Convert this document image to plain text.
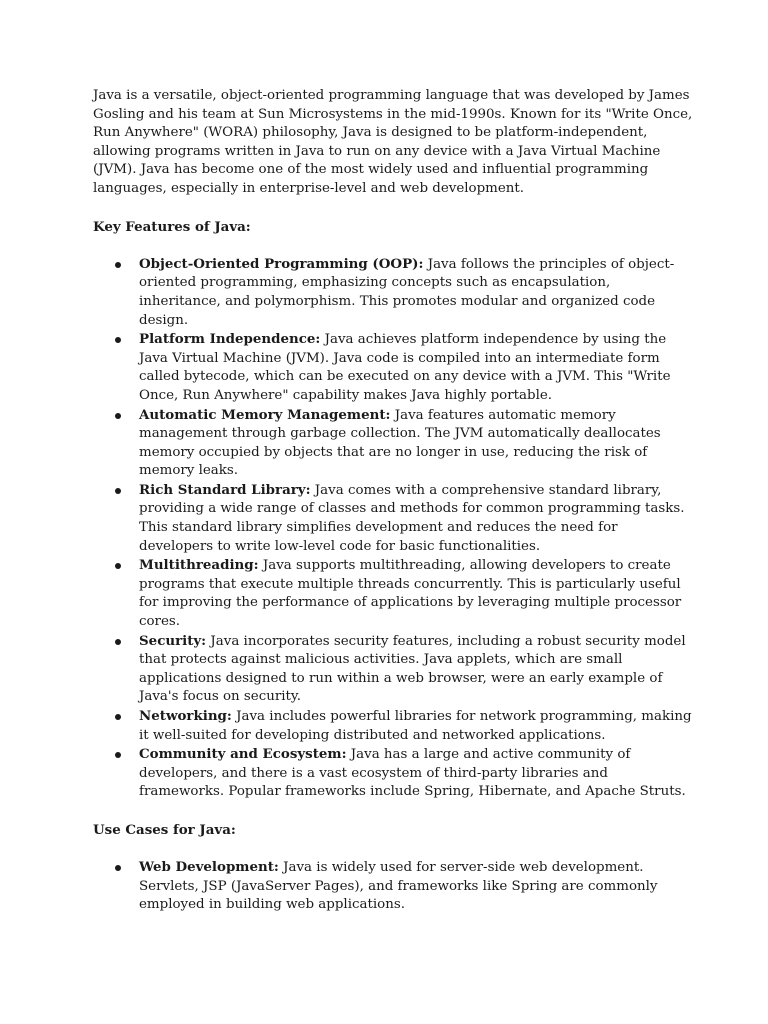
Java is a versatile, object-oriented programming language that was developed by James Gosling and his team at Sun Microsystems in the mid-1990s. Known for its "Write Once, Run Anywhere" (WORA) philosophy, Java is designed to be platform-independent, allowing programs written in Java to run on any device with a Java Virtual Machine (JVM). Java has become one of the most widely used and influential programming languages, especially in enterprise-level and web development.

Key Features of Java:

Object-Oriented Programming (OOP): Java follows the principles of object-oriented programming, emphasizing concepts such as encapsulation, inheritance, and polymorphism. This promotes modular and organized code design.
Platform Independence: Java achieves platform independence by using the Java Virtual Machine (JVM). Java code is compiled into an intermediate form called bytecode, which can be executed on any device with a JVM. This "Write Once, Run Anywhere" capability makes Java highly portable.
Automatic Memory Management: Java features automatic memory management through garbage collection. The JVM automatically deallocates memory occupied by objects that are no longer in use, reducing the risk of memory leaks.
Rich Standard Library: Java comes with a comprehensive standard library, providing a wide range of classes and methods for common programming tasks. This standard library simplifies development and reduces the need for developers to write low-level code for basic functionalities.
Multithreading: Java supports multithreading, allowing developers to create programs that execute multiple threads concurrently. This is particularly useful for improving the performance of applications by leveraging multiple processor cores.
Security: Java incorporates security features, including a robust security model that protects against malicious activities. Java applets, which are small applications designed to run within a web browser, were an early example of Java's focus on security.
Networking: Java includes powerful libraries for network programming, making it well-suited for developing distributed and networked applications.
Community and Ecosystem: Java has a large and active community of developers, and there is a vast ecosystem of third-party libraries and frameworks. Popular frameworks include Spring, Hibernate, and Apache Struts.

Use Cases for Java:

Web Development: Java is widely used for server-side web development. Servlets, JSP (JavaServer Pages), and frameworks like Spring are commonly employed in building web applications.
